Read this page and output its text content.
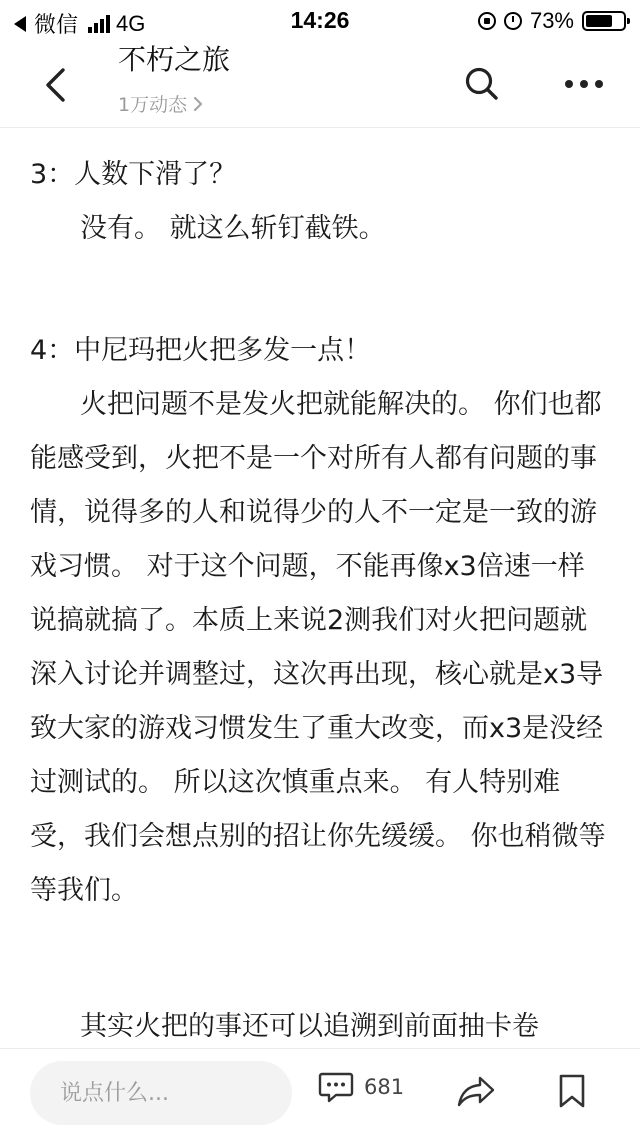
微信 4G	14:26	73%
不朽之旅
1万动态
3：人数下滑了？
没有。 就这么斩钉截铁。
4：中尼玛把火把多发一点！
火把问题不是发火把就能解决的。 你们也都能感受到，火把不是一个对所有人都有问题的事情，说得多的人和说得少的人不一定是一致的游戏习惯。 对于这个问题，不能再像x3倍速一样说搞就搞了。本质上来说2测我们对火把问题就深入讨论并调整过，这次再出现，核心就是x3导致大家的游戏习惯发生了重大改变，而x3是没经过测试的。 所以这次慎重点来。 有人特别难受，我们会想点别的招让你先缓缓。 你也稍微等等我们。
其实火把的事还可以追溯到前面抽卡卷
说点什么...
681
